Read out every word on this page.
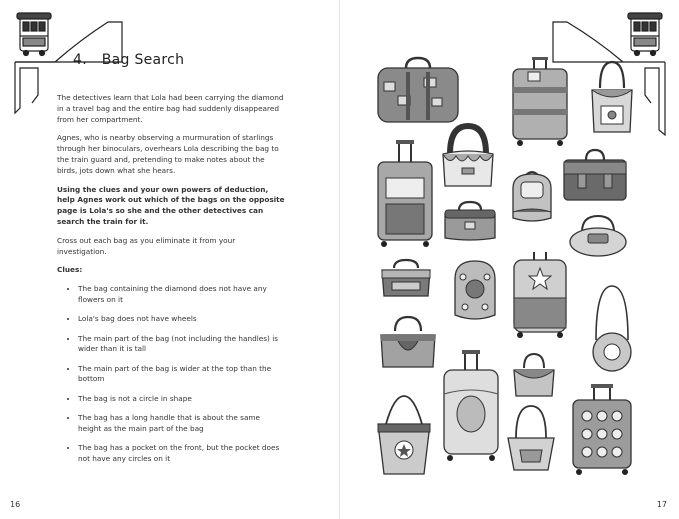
4. Bag Search

The detectives learn that Lola had been carrying the diamond in a travel bag and the entire bag had suddenly disappeared from her compartment.

Agnes, who is nearby observing a murmuration of starlings through her binoculars, overhears Lola describing the bag to the train guard and, pretending to make notes about the birds, jots down what she hears.

Using the clues and your own powers of deduction, help Agnes work out which of the bags on the opposite page is Lola's so she and the other detectives can search the train for it.

Cross out each bag as you eliminate it from your investigation.

Clues:
• The bag containing the diamond does not have any flowers on it
• Lola's bag does not have wheels
• The main part of the bag (not including the handles) is wider than it is tall
• The main part of the bag is wider at the top than the bottom
• The bag is not a circle in shape
• The bag has a long handle that is about the same height as the main part of the bag
• The bag has a pocket on the front, but the pocket does not have any circles on it
16	17
